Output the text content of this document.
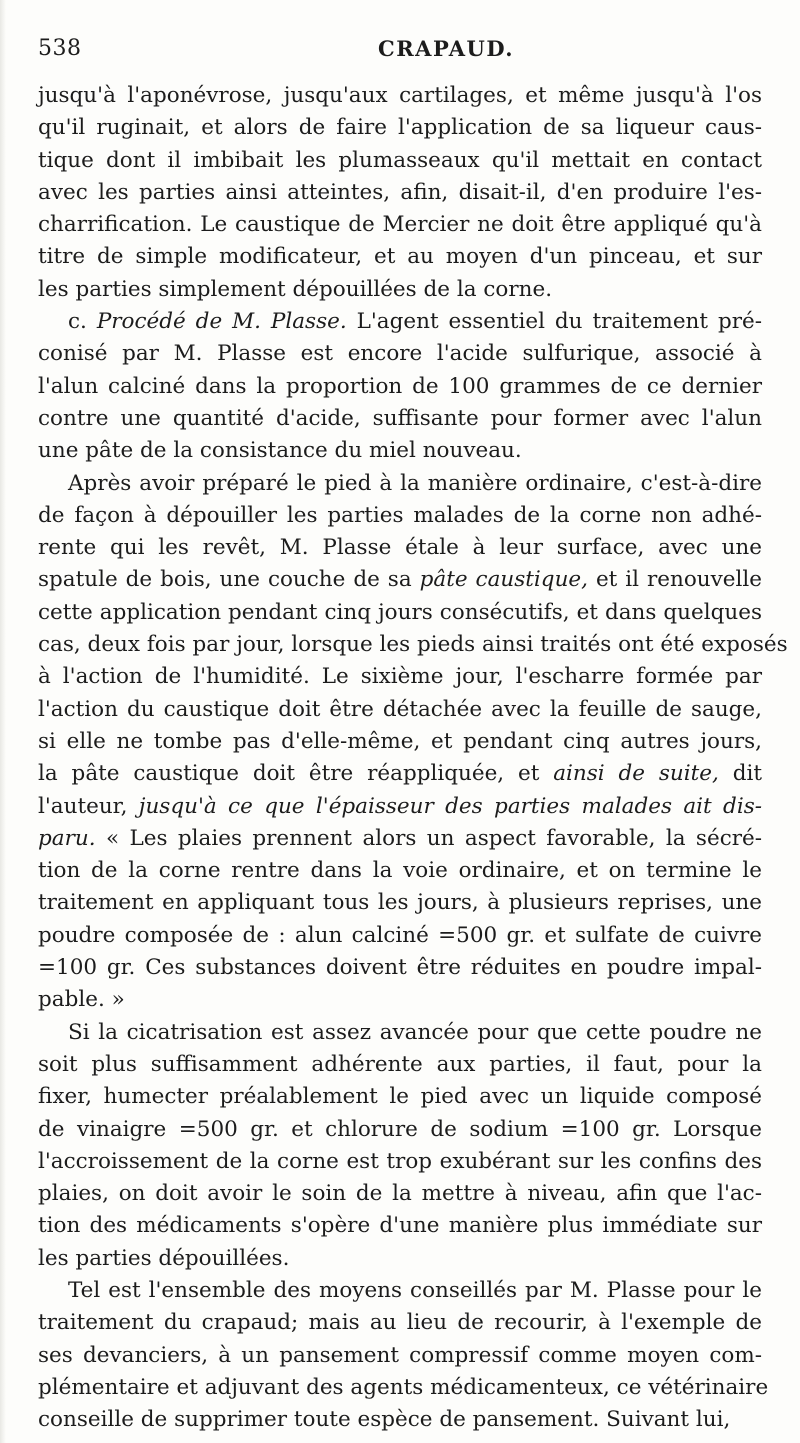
538	CRAPAUD.
jusqu'à l'aponévrose, jusqu'aux cartilages, et même jusqu'à l'os
qu'il ruginait, et alors de faire l'application de sa liqueur caus-
tique dont il imbibait les plumasseaux qu'il mettait en contact
avec les parties ainsi atteintes, afin, disait-il, d'en produire l'es-
charrification. Le caustique de Mercier ne doit être appliqué qu'à
titre de simple modificateur, et au moyen d'un pinceau, et sur
les parties simplement dépouillées de la corne.
c. Procédé de M. Plasse. L'agent essentiel du traitement pré-
conisé par M. Plasse est encore l'acide sulfurique, associé à
l'alun calciné dans la proportion de 100 grammes de ce dernier
contre une quantité d'acide, suffisante pour former avec l'alun
une pâte de la consistance du miel nouveau.
Après avoir préparé le pied à la manière ordinaire, c'est-à-dire
de façon à dépouiller les parties malades de la corne non adhé-
rente qui les revêt, M. Plasse étale à leur surface, avec une
spatule de bois, une couche de sa pâte caustique, et il renouvelle
cette application pendant cinq jours consécutifs, et dans quelques
cas, deux fois par jour, lorsque les pieds ainsi traités ont été exposés
à l'action de l'humidité. Le sixième jour, l'escharre formée par
l'action du caustique doit être détachée avec la feuille de sauge,
si elle ne tombe pas d'elle-même, et pendant cinq autres jours,
la pâte caustique doit être réappliquée, et ainsi de suite, dit
l'auteur, jusqu'à ce que l'épaisseur des parties malades ait dis-
paru. « Les plaies prennent alors un aspect favorable, la sécré-
tion de la corne rentre dans la voie ordinaire, et on termine le
traitement en appliquant tous les jours, à plusieurs reprises, une
poudre composée de : alun calciné =500 gr. et sulfate de cuivre
=100 gr. Ces substances doivent être réduites en poudre impal-
pable. »
Si la cicatrisation est assez avancée pour que cette poudre ne
soit plus suffisamment adhérente aux parties, il faut, pour la
fixer, humecter préalablement le pied avec un liquide composé
de vinaigre =500 gr. et chlorure de sodium =100 gr. Lorsque
l'accroissement de la corne est trop exubérant sur les confins des
plaies, on doit avoir le soin de la mettre à niveau, afin que l'ac-
tion des médicaments s'opère d'une manière plus immédiate sur
les parties dépouillées.
Tel est l'ensemble des moyens conseillés par M. Plasse pour le
traitement du crapaud; mais au lieu de recourir, à l'exemple de
ses devanciers, à un pansement compressif comme moyen com-
plémentaire et adjuvant des agents médicamenteux, ce vétérinaire
conseille de supprimer toute espèce de pansement. Suivant lui,
